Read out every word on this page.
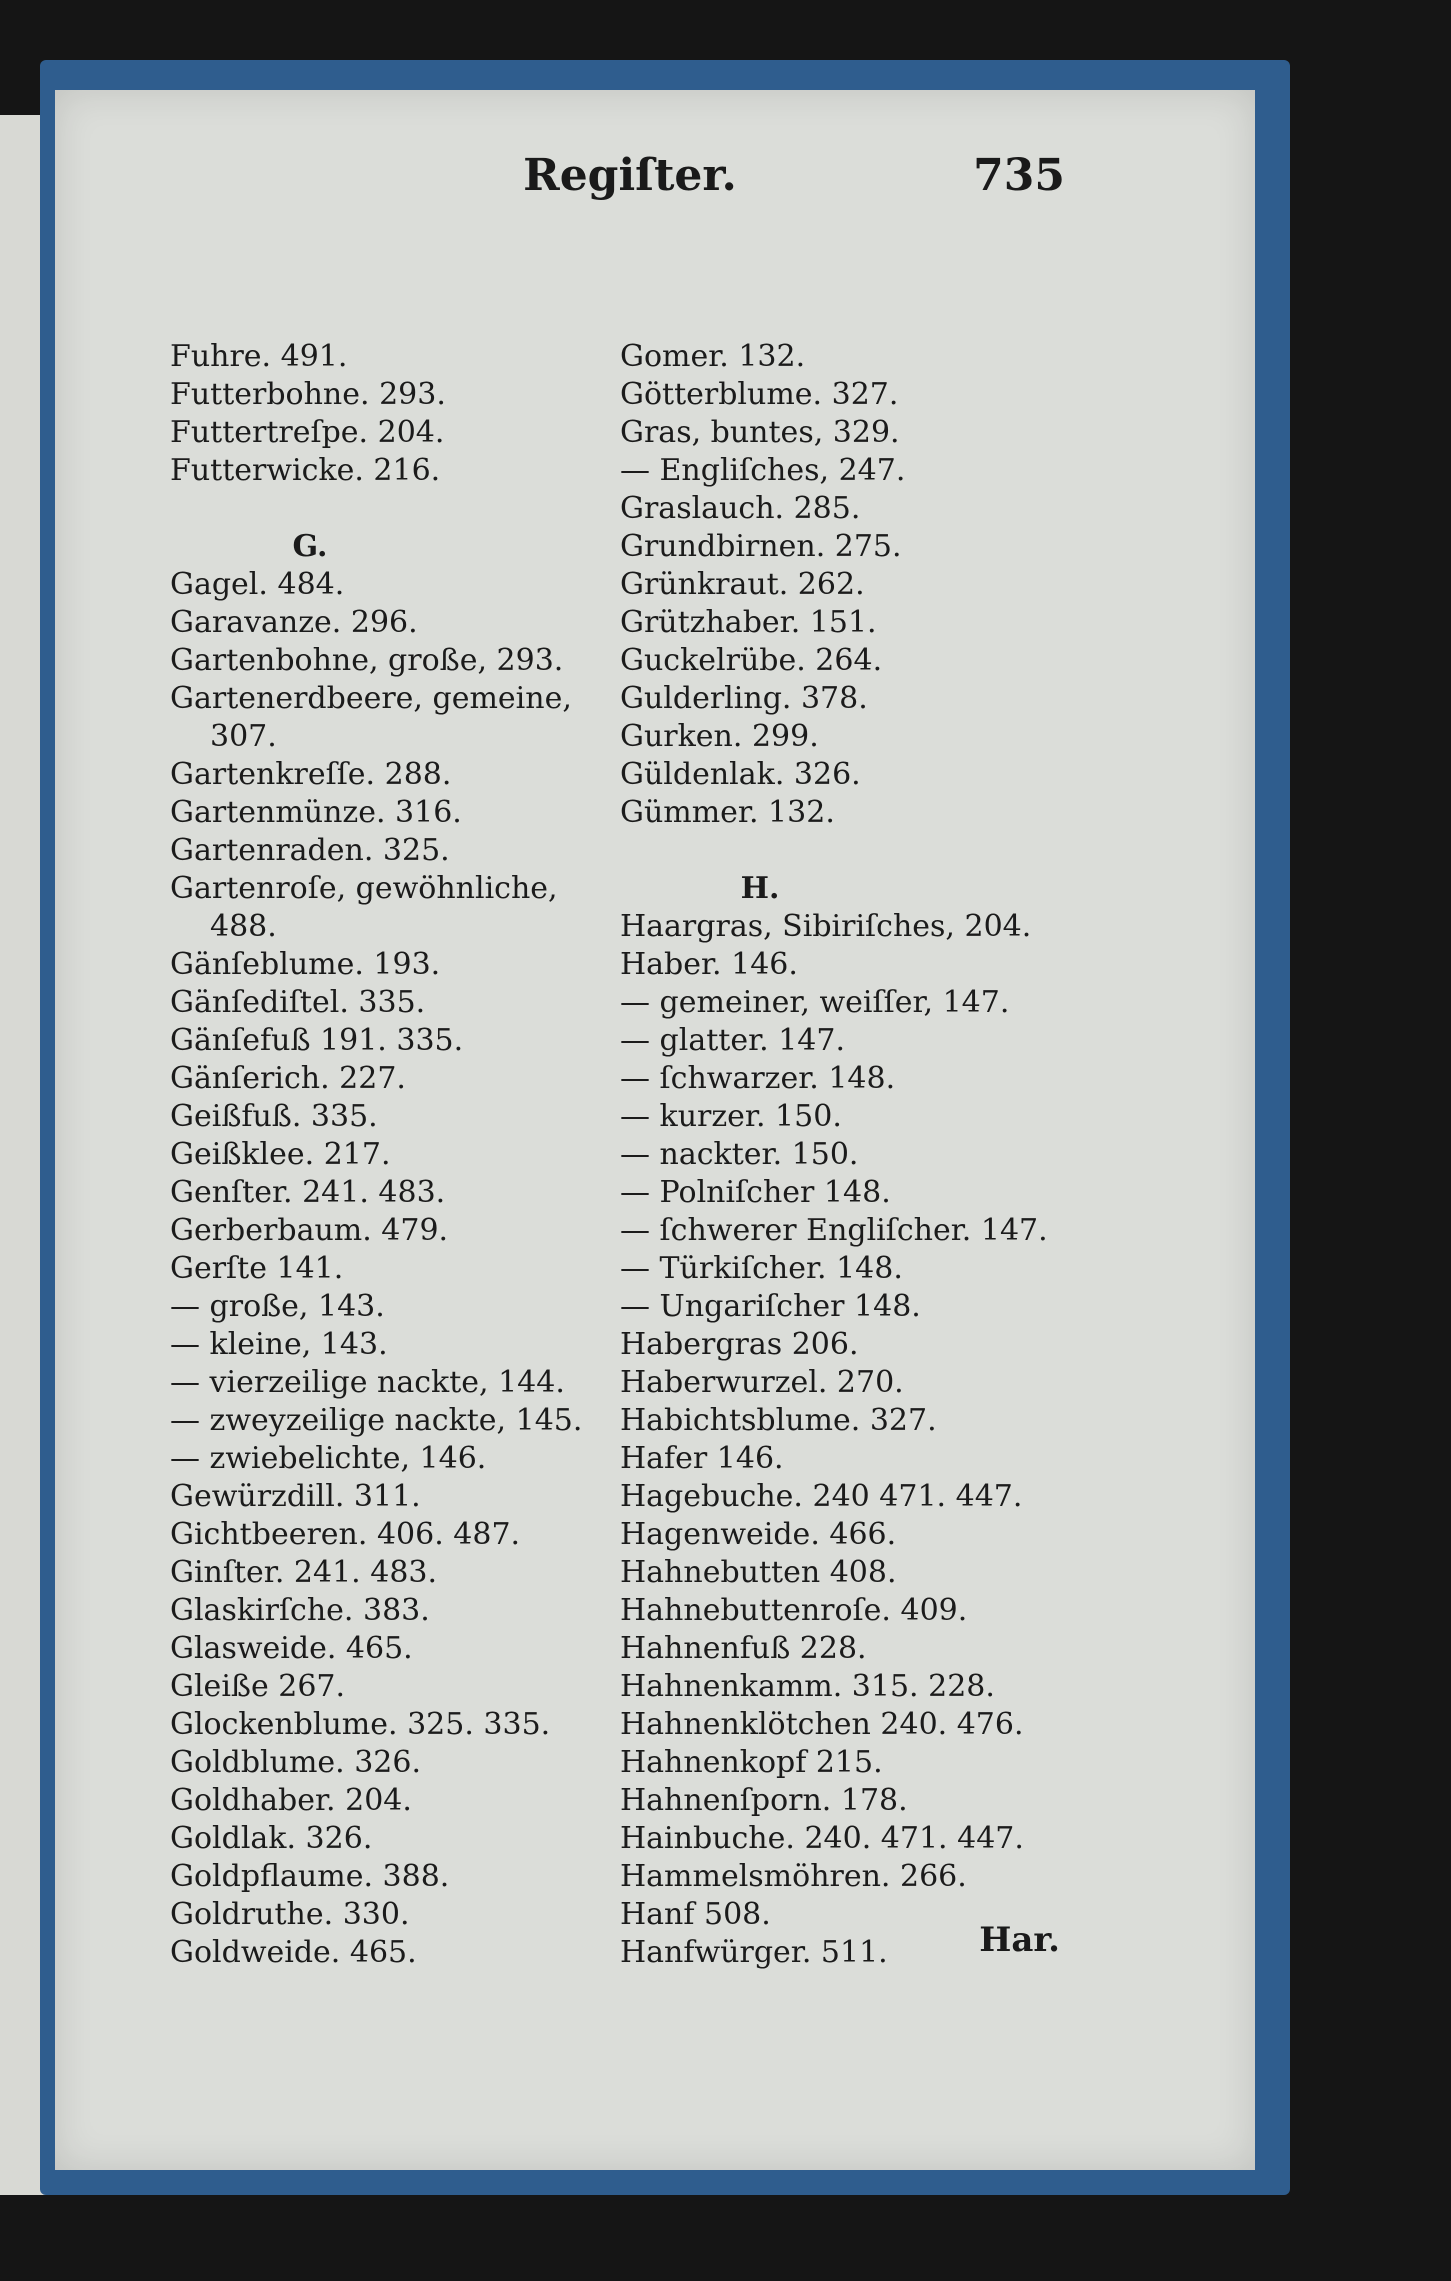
Regiſter.	735
Fuhre. 491.
Futterbohne. 293.
Futtertreſpe. 204.
Futterwicke. 216.
G.
Gagel. 484.
Garavanze. 296.
Gartenbohne, große, 293.
Gartenerdbeere, gemeine,
307.
Gartenkreſſe. 288.
Gartenmünze. 316.
Gartenraden. 325.
Gartenroſe, gewöhnliche,
488.
Gänſeblume. 193.
Gänſediſtel. 335.
Gänſefuß 191. 335.
Gänſerich. 227.
Geißfuß. 335.
Geißklee. 217.
Genſter. 241. 483.
Gerberbaum. 479.
Gerſte 141.
— große, 143.
— kleine, 143.
— vierzeilige nackte, 144.
— zweyzeilige nackte, 145.
— zwiebelichte, 146.
Gewürzdill. 311.
Gichtbeeren. 406. 487.
Ginſter. 241. 483.
Glaskirſche. 383.
Glasweide. 465.
Gleiße 267.
Glockenblume. 325. 335.
Goldblume. 326.
Goldhaber. 204.
Goldlak. 326.
Goldpflaume. 388.
Goldruthe. 330.
Goldweide. 465.
Gomer. 132.
Götterblume. 327.
Gras, buntes, 329.
— Engliſches, 247.
Graslauch. 285.
Grundbirnen. 275.
Grünkraut. 262.
Grützhaber. 151.
Guckelrübe. 264.
Gulderling. 378.
Gurken. 299.
Güldenlak. 326.
Gümmer. 132.
H.
Haargras, Sibiriſches, 204.
Haber. 146.
— gemeiner, weiſſer, 147.
— glatter. 147.
— ſchwarzer. 148.
— kurzer. 150.
— nackter. 150.
— Polniſcher 148.
— ſchwerer Engliſcher. 147.
— Türkiſcher. 148.
— Ungariſcher 148.
Habergras 206.
Haberwurzel. 270.
Habichtsblume. 327.
Hafer 146.
Hagebuche. 240 471. 447.
Hagenweide. 466.
Hahnebutten 408.
Hahnebuttenroſe. 409.
Hahnenfuß 228.
Hahnenkamm. 315. 228.
Hahnenklötchen 240. 476.
Hahnenkopf 215.
Hahnenſporn. 178.
Hainbuche. 240. 471. 447.
Hammelsmöhren. 266.
Hanf 508.
Hanfwürger. 511.	Har.
